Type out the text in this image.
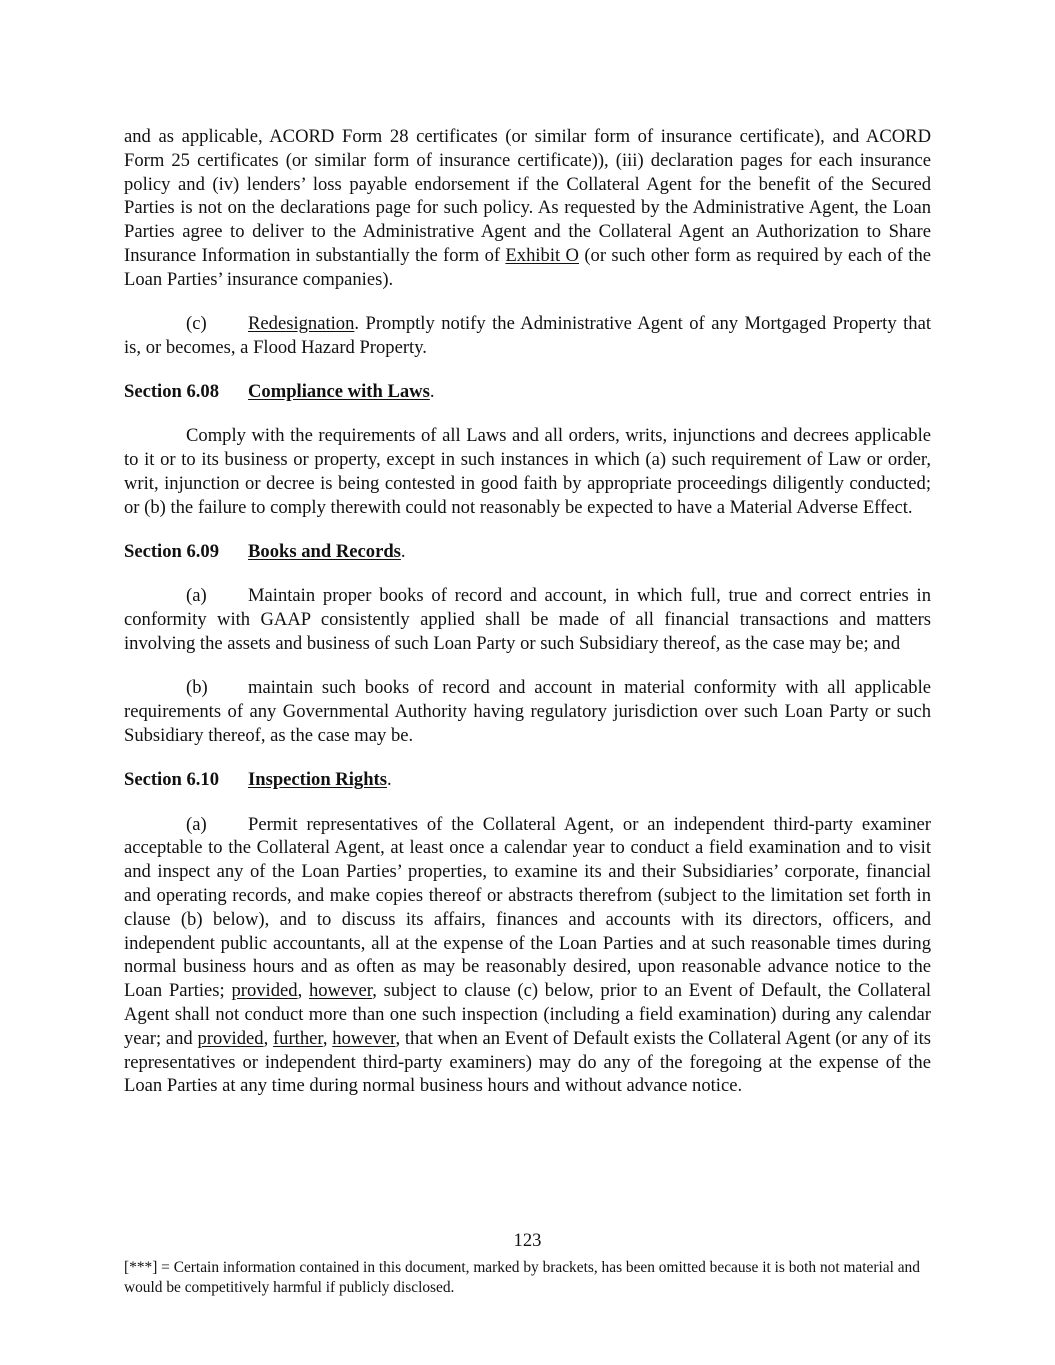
and as applicable, ACORD Form 28 certificates (or similar form of insurance certificate), and ACORD Form 25 certificates (or similar form of insurance certificate)), (iii) declaration pages for each insurance policy and (iv) lenders’ loss payable endorsement if the Collateral Agent for the benefit of the Secured Parties is not on the declarations page for such policy. As requested by the Administrative Agent, the Loan Parties agree to deliver to the Administrative Agent and the Collateral Agent an Authorization to Share Insurance Information in substantially the form of Exhibit O (or such other form as required by each of the Loan Parties’ insurance companies).

(c) Redesignation. Promptly notify the Administrative Agent of any Mortgaged Property that is, or becomes, a Flood Hazard Property.

Section 6.08 Compliance with Laws.

Comply with the requirements of all Laws and all orders, writs, injunctions and decrees applicable to it or to its business or property, except in such instances in which (a) such requirement of Law or order, writ, injunction or decree is being contested in good faith by appropriate proceedings diligently conducted; or (b) the failure to comply therewith could not reasonably be expected to have a Material Adverse Effect.

Section 6.09 Books and Records.

(a) Maintain proper books of record and account, in which full, true and correct entries in conformity with GAAP consistently applied shall be made of all financial transactions and matters involving the assets and business of such Loan Party or such Subsidiary thereof, as the case may be; and

(b) maintain such books of record and account in material conformity with all applicable requirements of any Governmental Authority having regulatory jurisdiction over such Loan Party or such Subsidiary thereof, as the case may be.

Section 6.10 Inspection Rights.

(a) Permit representatives of the Collateral Agent, or an independent third-party examiner acceptable to the Collateral Agent, at least once a calendar year to conduct a field examination and to visit and inspect any of the Loan Parties’ properties, to examine its and their Subsidiaries’ corporate, financial and operating records, and make copies thereof or abstracts therefrom (subject to the limitation set forth in clause (b) below), and to discuss its affairs, finances and accounts with its directors, officers, and independent public accountants, all at the expense of the Loan Parties and at such reasonable times during normal business hours and as often as may be reasonably desired, upon reasonable advance notice to the Loan Parties; provided, however, subject to clause (c) below, prior to an Event of Default, the Collateral Agent shall not conduct more than one such inspection (including a field examination) during any calendar year; and provided, further, however, that when an Event of Default exists the Collateral Agent (or any of its representatives or independent third-party examiners) may do any of the foregoing at the expense of the Loan Parties at any time during normal business hours and without advance notice.

123
[***] = Certain information contained in this document, marked by brackets, has been omitted because it is both not material and would be competitively harmful if publicly disclosed.
